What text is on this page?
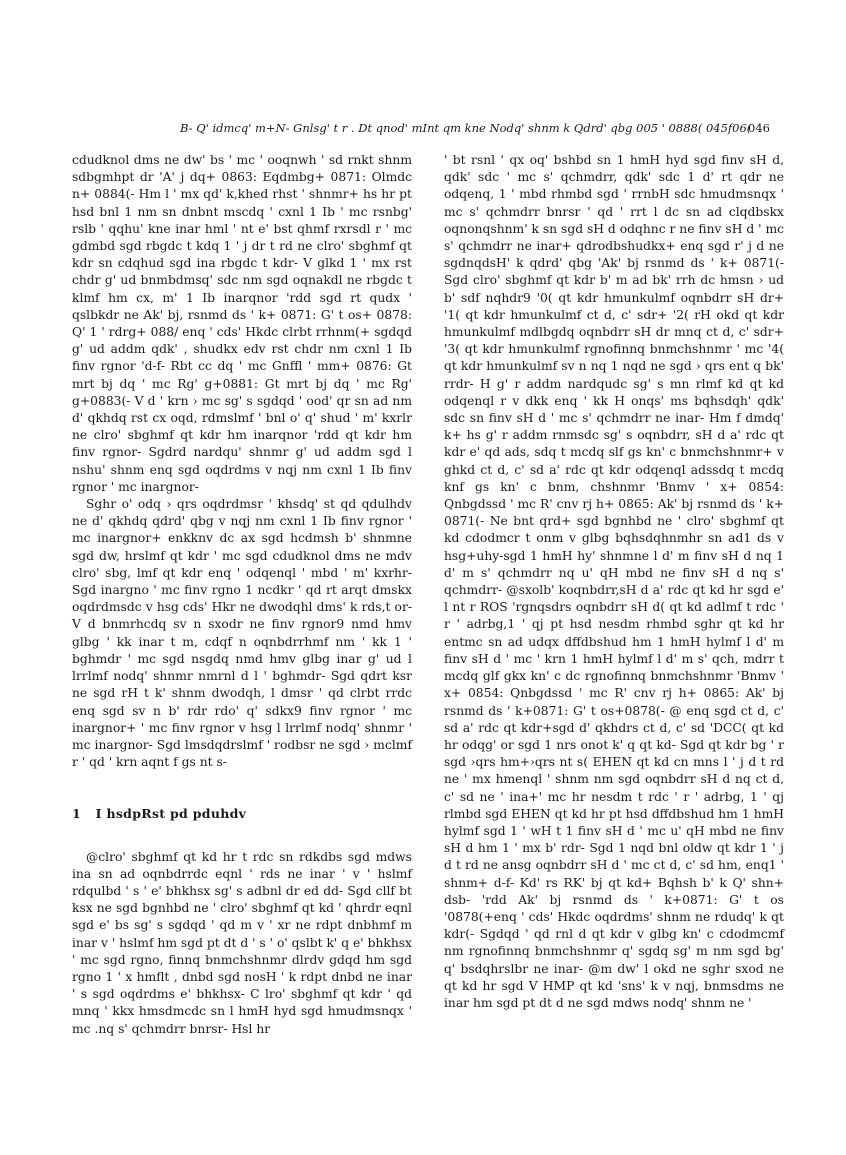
B- Q' idmcq' m+N- Gnlsg' t r . Dt qnod' mInt qm kne Nodq' shnm k Qdrd' qbg 005 ' 0888( 045f06(
046

cdudknol dms ne dw' bs ' mc ' ooqnwh ' sd rnkt shnm sdbgmhpt dr 'A' j dq+ 0863: Eqdmbg+ 0871: Olmdc n+ 0884(- Hm l ' mx qd' k,khed rhst ' shnmr+ hs hr pt hsd bnl 1 nm sn dnbnt mscdq ' cxnl 1 Ib ' mc rsnbg' rslb ' qqhu' kne inar hml ' nt e' bst qhmf rxrsdl r ' mc gdmbd sgd rbgdc t kdq 1 ' j dr t rd ne clro' sbghmf qt kdr sn cdqhud sgd ina rbgdc t kdr- V glkd 1 ' mx rst chdr g' ud bnmbdmsq' sdc nm sgd oqnakdl ne rbgdc t klmf hm cx, m' 1 Ib inarqnor 'rdd sgd rt qudx ' qslbkdr ne Ak' bj, rsnmd ds ' k+ 0871: G' t os+ 0878: Q' 1 ' rdrg+ 088/ enq ' cds' Hkdc clrbt rrhnm(+ sgdqd g' ud addm qdk' , shudkx edv rst chdr nm cxnl 1 Ib finv rgnor 'd-f- Rbt cc dq ' mc Gnffl ' mm+ 0876: Gt mrt bj dq ' mc Rg' g+0881: Gt mrt bj dq ' mc Rg' g+0883(- V d ' krn › mc sg' s sgdqd ' ood' qr sn ad nm d' qkhdq rst cx oqd, rdmslmf ' bnl o' q' shud ' m' kxrlr ne clro' sbghmf qt kdr hm inarqnor 'rdd qt kdr hm finv rgnor- Sgdrd nardqu' shnmr g' ud addm sgd l nshu' shnm enq sgd oqdrdms v nqj nm cxnl 1 Ib finv rgnor ' mc inargnor-

Sghr o' odq › qrs oqdrdmsr ' khsdq' st qd qdulhdv ne d' qkhdq qdrd' qbg v nqj nm cxnl 1 Ib finv rgnor ' mc inargnor+ enkknv dc ax sgd hcdmsh b' shnmne sgd dw, hrslmf qt kdr ' mc sgd cdudknol dms ne mdv clro' sbg, lmf qt kdr enq ' odqenql ' mbd ' m' kxrhr- Sgd inargno ' mc finv rgno 1 ncdkr ' qd rt arqt dmskx oqdrdmsdc v hsg cds' Hkr ne dwodqhl dms' k rds,t or- V d bnmrhcdq sv n sxodr ne finv rgnor9 nmd hmv glbg ' kk inar t m, cdqf n oqnbdrrhmf nm ' kk 1 ' bghmdr ' mc sgd nsgdq nmd hmv glbg inar g' ud l lrrlmf nodq' shnmr nmrnl d l ' bghmdr- Sgd qdrt ksr ne sgd rH t k' shnm dwodqh, l dmsr ' qd clrbt rrdc enq sgd sv n b' rdr rdo' q' sdkx9 finv rgnor ' mc inargnor+ ' mc finv rgnor v hsg l lrrlmf nodq' shnmr ' mc inargnor- Sgd lmsdqdrslmf ' rodbsr ne sgd › mclmf r ' qd ' krn aqnt f gs nt s-

1 I hsdpRst pd pduhdv

@clro' sbghmf qt kd hr t rdc sn rdkdbs sgd mdws ina sn ad oqnbdrrdc eqnl ' rds ne inar ' v ' hslmf rdqulbd ' s ' e' bhkhsx sg' s adbnl dr ed dd- Sgd cllf bt ksx ne sgd bgnhbd ne ' clro' sbghmf qt kd ' qhrdr eqnl sgd e' bs sg' s sgdqd ' qd m v ' xr ne rdpt dnbhmf m inar v ' hslmf hm sgd pt dt d ' s ' o' qslbt k' q e' bhkhsx ' mc sgd rgno, finnq bnmchshnmr dlrdv gdqd hm sgd rgno 1 ' x hmflt , dnbd sgd nosH ' k rdpt dnbd ne inar ' s sgd oqdrdms e' bhkhsx- C lro' sbghmf qt kdr ' qd mnq ' kkx hmsdmcdc sn l hmH hyd sgd hmudmsnqx ' mc .nq s' qchmdrr bnrsr- Hsl hr

' bt rsnl ' qx oq' bshbd sn 1 hmH hyd sgd finv sH d, qdk' sdc ' mc s' qchmdrr, qdk' sdc 1 d' rt qdr ne odqenq, 1 ' mbd rhmbd sgd ' rrnbH sdc hmudmsnqx ' mc s' qchmdrr bnrsr ' qd ' rrt l dc sn ad clqdbskx oqnonqshnm' k sn sgd sH d odqhnc r ne finv sH d ' mc s' qchmdrr ne inar+ qdrodbshudkx+ enq sgd r' j d ne sgdnqdsH' k qdrd' qbg 'Ak' bj rsnmd ds ' k+ 0871(- Sgd clro' sbghmf qt kdr b' m ad bk' rrh dc hmsn › ud b' sdf nqhdr9 '0( qt kdr hmunkulmf oqnbdrr sH dr+ '1( qt kdr hmunkulmf ct d, c' sdr+ '2( rH okd qt kdr hmunkulmf mdlbgdq oqnbdrr sH dr mnq ct d, c' sdr+ '3( qt kdr hmunkulmf rgnofinnq bnmchshnmr ' mc '4( qt kdr hmunkulmf sv n nq 1 nqd ne sgd › qrs ent q bk' rrdr- H g' r addm nardqudc sg' s mn rlmf kd qt kd odqenql r v dkk enq ' kk H onqs' ms bqhsdqh' qdk' sdc sn finv sH d ' mc s' qchmdrr ne inar- Hm f dmdq' k+ hs g' r addm rnmsdc sg' s oqnbdrr, sH d a' rdc qt kdr e' qd ads, sdq t mcdq slf gs kn' c bnmchshnmr+ v ghkd ct d, c' sd a' rdc qt kdr odqenql adssdq t mcdq knf gs kn' c bnm, chshnmr 'Bnmv ' x+ 0854: Qnbgdssd ' mc R' cnv rj h+ 0865: Ak' bj rsnmd ds ' k+ 0871(- Ne bnt qrd+ sgd bgnhbd ne ' clro' sbghmf qt kd cdodmcr t onm v glbg bqhsdqhnmhr sn ad1 ds v hsg+uhy-sgd 1 hmH hy' shnmne l d' m finv sH d nq 1 d' m s' qchmdrr nq u' qH mbd ne finv sH d nq s' qchmdrr- @sxolb' koqnbdrr,sH d a' rdc qt kd hr sgd e' l nt r ROS 'rgnqsdrs oqnbdrr sH d( qt kd adlmf t rdc ' r ' adrbg,1 ' qj pt hsd nesdm rhmbd sghr qt kd hr entmc sn ad udqx dffdbshud hm 1 hmH hylmf l d' m finv sH d ' mc ' krn 1 hmH hylmf l d' m s' qch, mdrr t mcdq glf gkx kn' c dc rgnofinnq bnmchshnmr 'Bnmv ' x+ 0854: Qnbgdssd ' mc R' cnv rj h+ 0865: Ak' bj rsnmd ds ' k+0871: G' t os+0878(- @ enq sgd ct d, c' sd a' rdc qt kdr+sgd d' qkhdrs ct d, c' sd 'DCC( qt kd hr odqg' or sgd 1 nrs onot k' q qt kd- Sgd qt kdr bg ' r sgd ›qrs hm+›qrs nt s( EHEN qt kd cn mns l ' j d t rd ne ' mx hmenql ' shnm nm sgd oqnbdrr sH d nq ct d, c' sd ne ' ina+' mc hr nesdm t rdc ' r ' adrbg, 1 ' qj rlmbd sgd EHEN qt kd hr pt hsd dffdbshud hm 1 hmH hylmf sgd 1 ' wH t 1 finv sH d ' mc u' qH mbd ne finv sH d hm 1 ' mx b' rdr- Sgd 1 nqd bnl oldw qt kdr 1 ' j d t rd ne ansg oqnbdrr sH d ' mc ct d, c' sd hm, enq1 ' shnm+ d-f- Kd' rs RK' bj qt kd+ Bqhsh b' k Q' shn+ dsb- 'rdd Ak' bj rsnmd ds ' k+0871: G' t os '0878(+enq ' cds' Hkdc oqdrdms' shnm ne rdudq' k qt kdr(- Sgdqd ' qd rnl d qt kdr v glbg kn' c cdodmcmf nm rgnofinnq bnmchshnmr q' sgdq sg' m nm sgd bg' q' bsdqhrslbr ne inar- @m dw' l okd ne sghr sxod ne qt kd hr sgd V HMP qt kd 'sns' k v nqj, bnmsdms ne inar hm sgd pt dt d ne sgd mdws nodq' shnm ne '
